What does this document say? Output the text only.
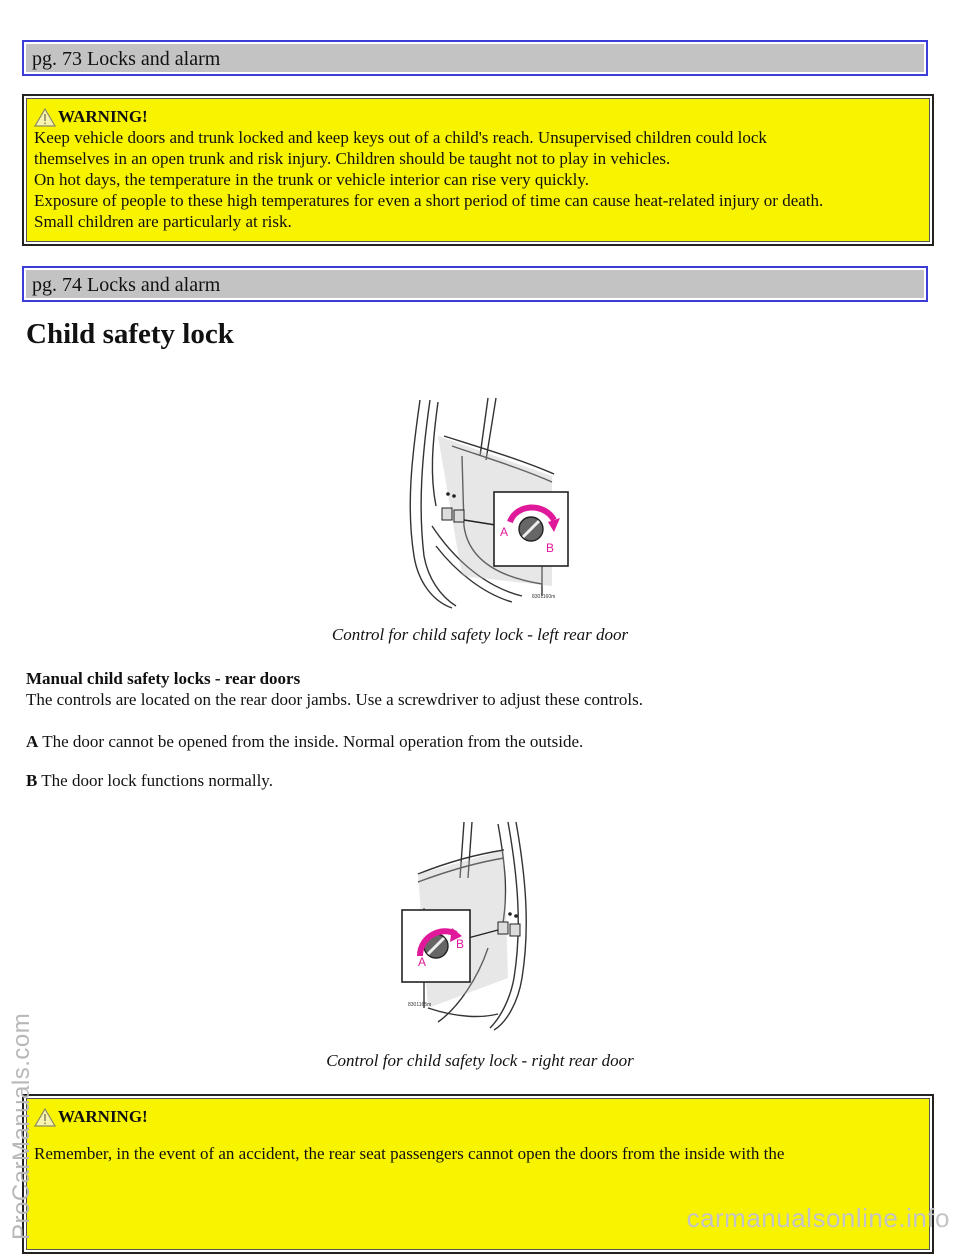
pg. 73 Locks and alarm
WARNING!
Keep vehicle doors and trunk locked and keep keys out of a child's reach. Unsupervised children could lock
themselves in an open trunk and risk injury. Children should be taught not to play in vehicles.
On hot days, the temperature in the trunk or vehicle interior can rise very quickly.
Exposure of people to these high temperatures for even a short period of time can cause heat-related injury or death.
Small children are particularly at risk.
pg. 74 Locks and alarm
Child safety lock
A
B
8301160m
Control for child safety lock - left rear door
Manual child safety locks - rear doors
The controls are located on the rear door jambs. Use a screwdriver to adjust these controls.
A The door cannot be opened from the inside. Normal operation from the outside.
B The door lock functions normally.
B
A
8301165m
Control for child safety lock - right rear door
WARNING!
Remember, in the event of an accident, the rear seat passengers cannot open the doors from the inside with the
ProCarManuals.com	carmanualsonline.info
